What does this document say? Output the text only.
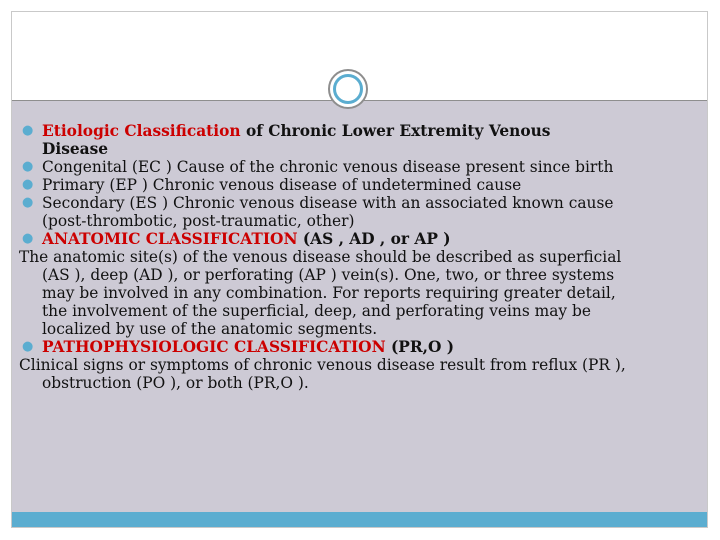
● Etiologic Classification of Chronic Lower Extremity Venous
Disease
● Congenital (EC ) Cause of the chronic venous disease present since birth
● Primary (EP ) Chronic venous disease of undetermined cause
● Secondary (ES ) Chronic venous disease with an associated known cause
(post-thrombotic, post-traumatic, other)
● ANATOMIC CLASSIFICATION (AS , AD , or AP )
The anatomic site(s) of the venous disease should be described as superficial
(AS ), deep (AD ), or perforating (AP ) vein(s). One, two, or three systems
may be involved in any combination. For reports requiring greater detail,
the involvement of the superficial, deep, and perforating veins may be
localized by use of the anatomic segments.
● PATHOPHYSIOLOGIC CLASSIFICATION (PR,O )
Clinical signs or symptoms of chronic venous disease result from reflux (PR ),
obstruction (PO ), or both (PR,O ).
